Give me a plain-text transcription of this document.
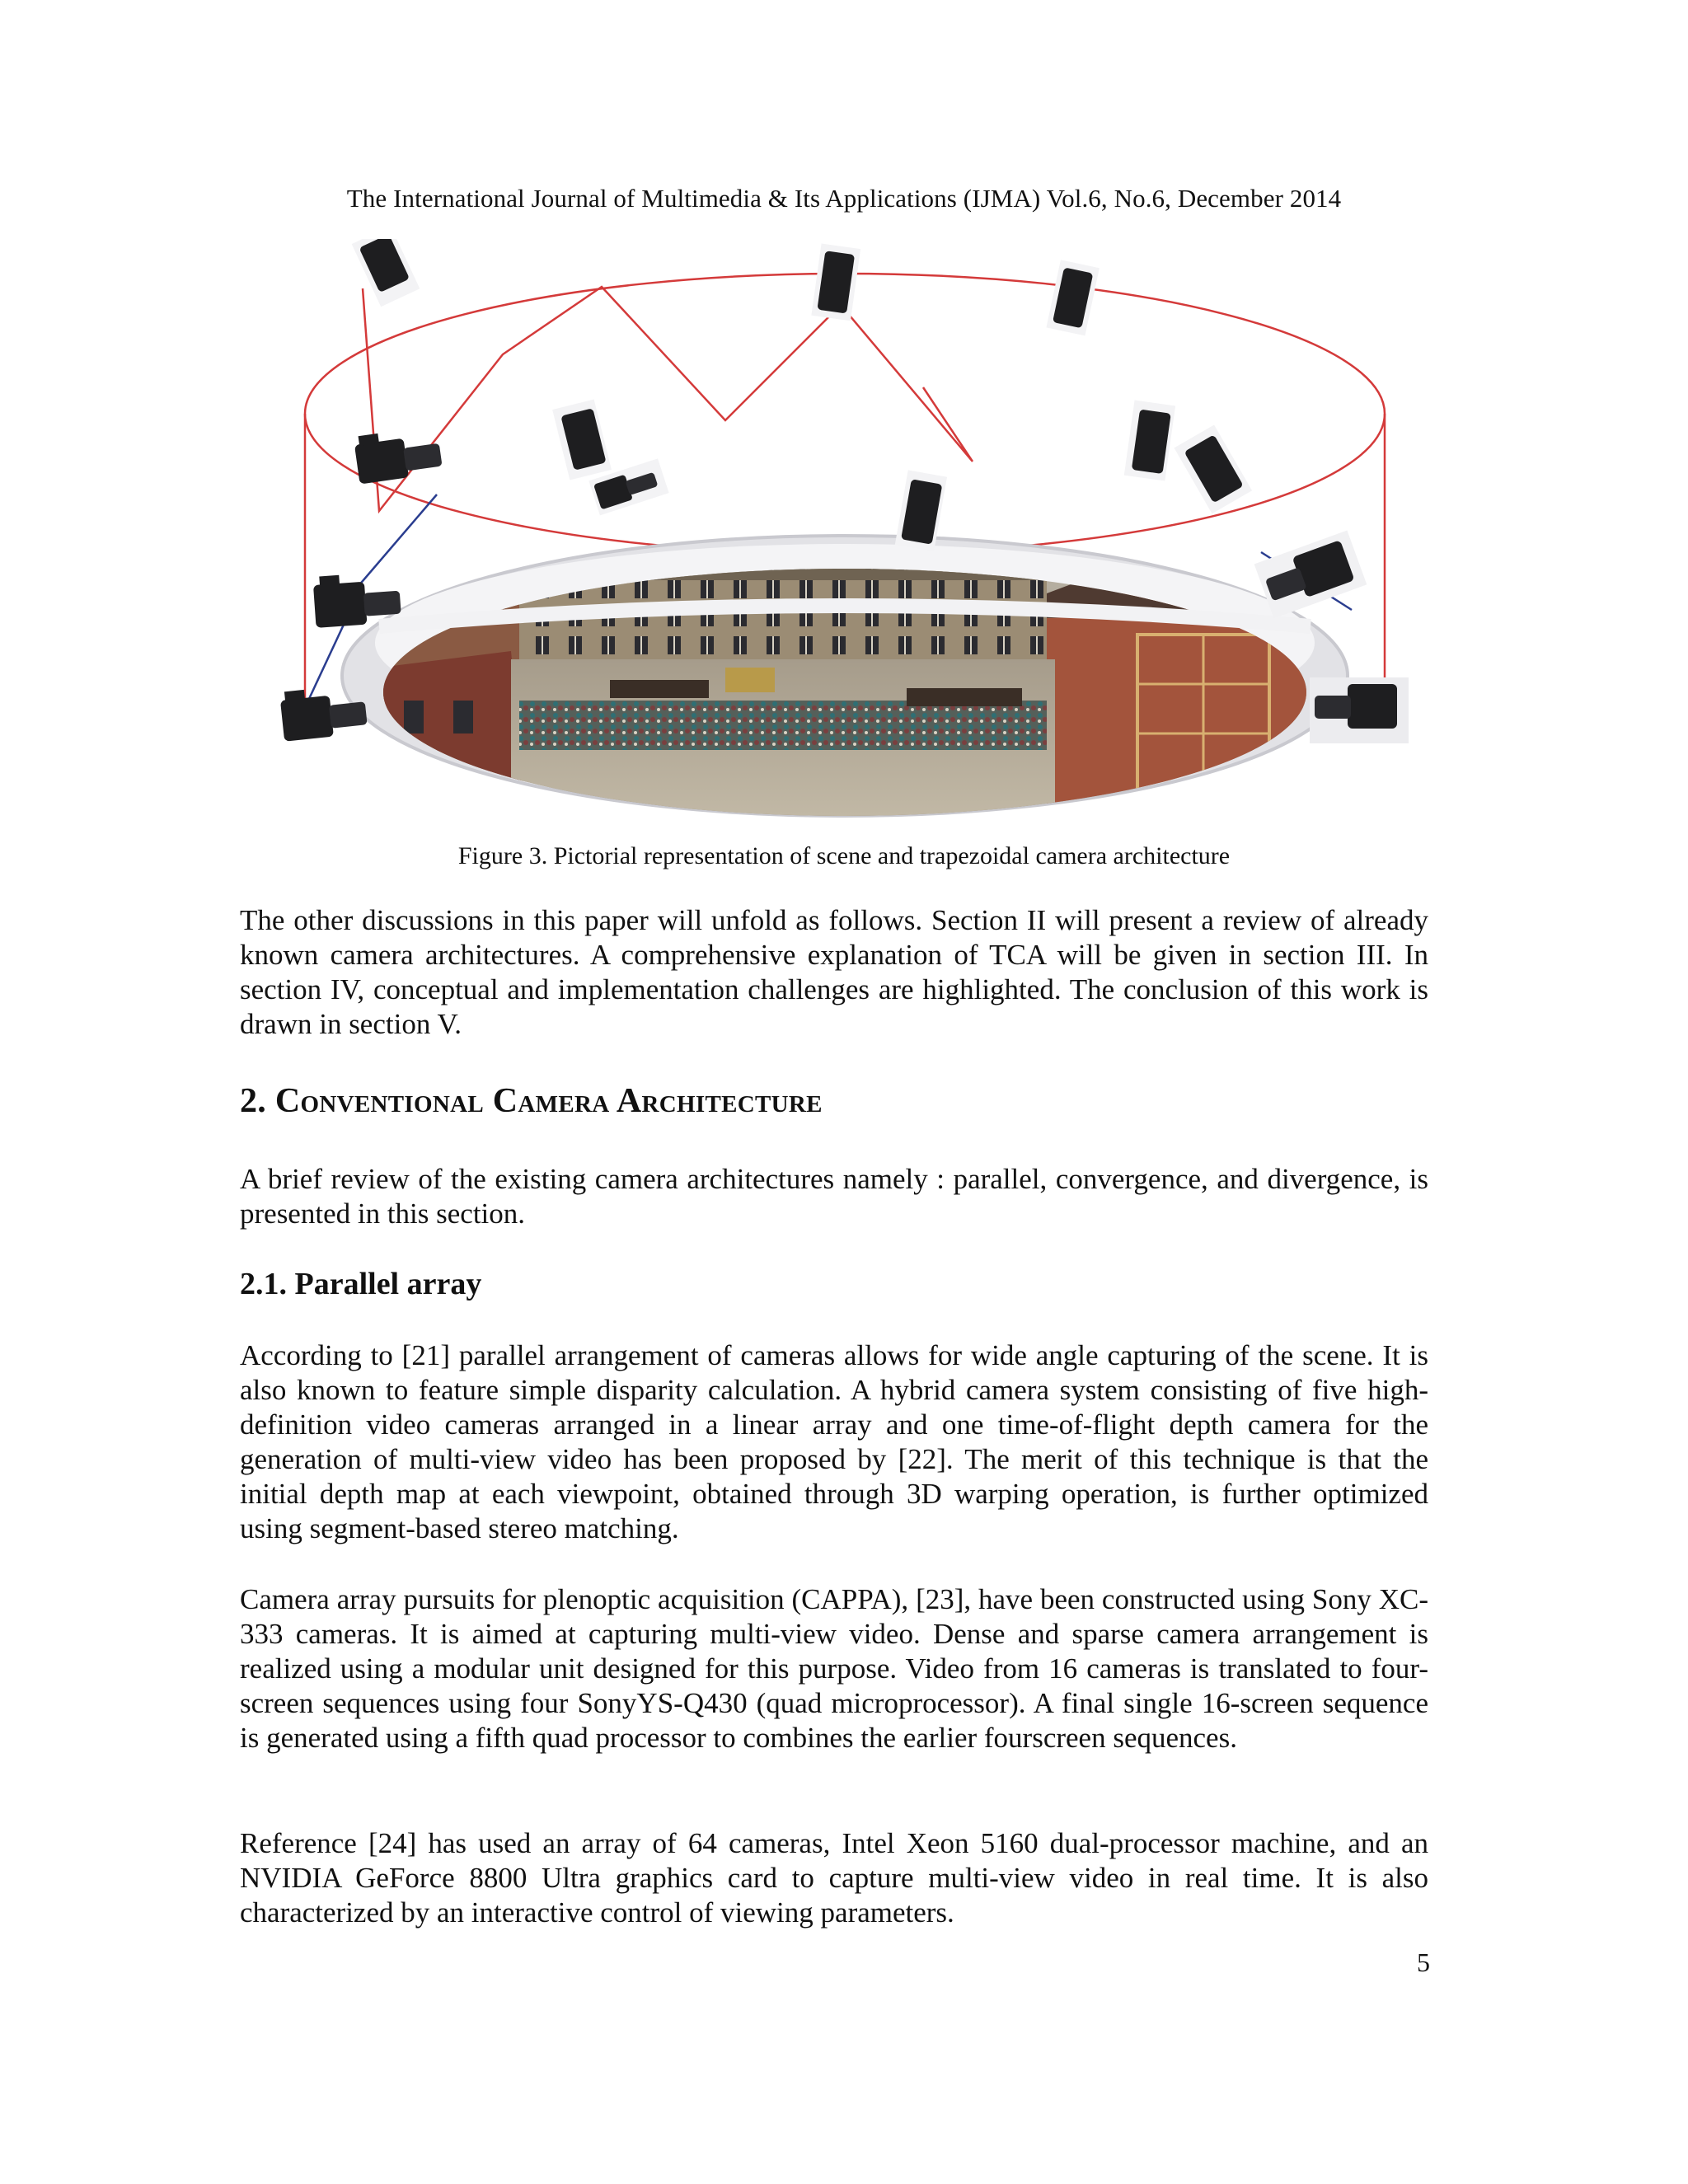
The International Journal of Multimedia & Its Applications (IJMA) Vol.6, No.6, December 2014
Figure 3. Pictorial representation of scene and trapezoidal camera architecture

The other discussions in this paper will unfold as follows. Section II will present a review of already known camera architectures. A comprehensive explanation of TCA will be given in section III. In section IV, conceptual and implementation challenges are highlighted. The conclusion of this work is drawn in section V.

2. Conventional Camera Architecture

A brief review of the existing camera architectures namely : parallel, convergence, and divergence, is presented in this section.

2.1. Parallel array

According to [21] parallel arrangement of cameras allows for wide angle capturing of the scene. It is also known to feature simple disparity calculation. A hybrid camera system consisting of five high-definition video cameras arranged in a linear array and one time-of-flight depth camera for the generation of multi-view video has been proposed by [22]. The merit of this technique is that the initial depth map at each viewpoint, obtained through 3D warping operation, is further optimized using segment-based stereo matching.

Camera array pursuits for plenoptic acquisition (CAPPA), [23], have been constructed using Sony XC-333 cameras. It is aimed at capturing multi-view video. Dense and sparse camera arrangement is realized using a modular unit designed for this purpose. Video from 16 cameras is translated to four-screen sequences using four SonyYS-Q430 (quad microprocessor). A final single 16-screen sequence is generated using a fifth quad processor to combines the earlier fourscreen sequences.

Reference [24] has used an array of 64 cameras, Intel Xeon 5160 dual-processor machine, and an NVIDIA GeForce 8800 Ultra graphics card to capture multi-view video in real time. It is also characterized by an interactive control of viewing parameters.

5
